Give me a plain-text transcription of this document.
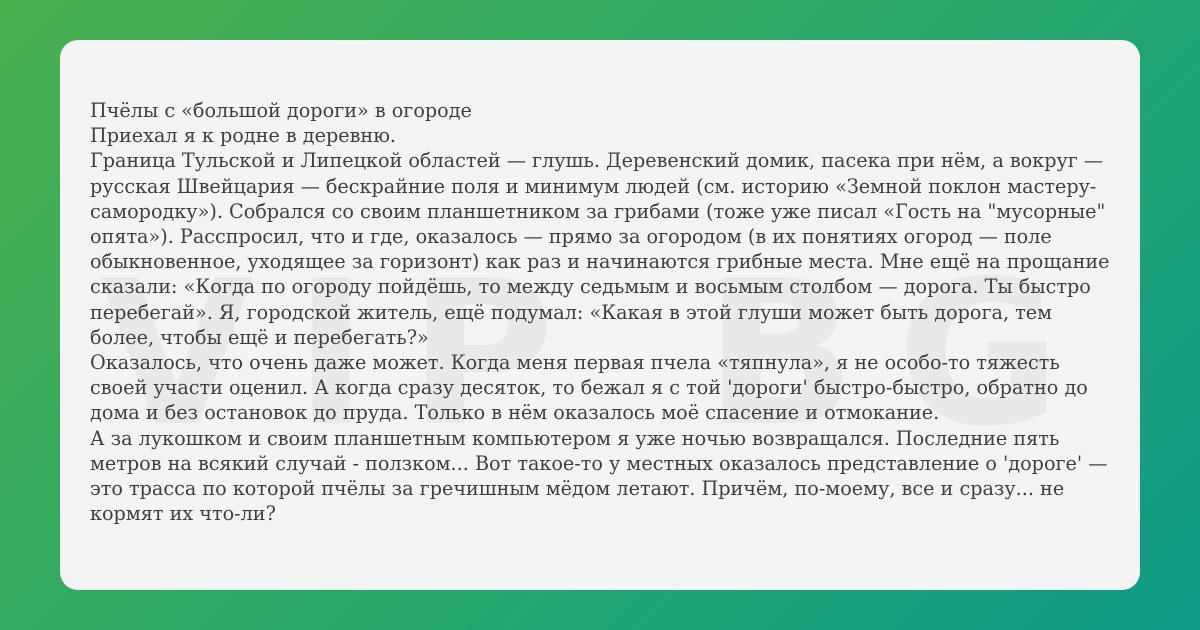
Пчёлы с «большой дороги» в огороде

Приехал я к родне в деревню.

Граница Тульской и Липецкой областей — глушь. Деревенский домик, пасека при нём, а вокруг — русская Швейцария — бескрайние поля и минимум людей (см. историю «Земной поклон мастеру-самородку»). Собрался со своим планшетником за грибами (тоже уже писал «Гость на "мусорные" опята»). Расспросил, что и где, оказалось — прямо за огородом (в их понятиях огород — поле обыкновенное, уходящее за горизонт) как раз и начинаются грибные места. Мне ещё на прощание сказали: «Когда по огороду пойдёшь, то между седьмым и восьмым столбом — дорога. Ты быстро перебегай». Я, городской житель, ещё подумал: «Какая в этой глуши может быть дорога, тем более, чтобы ещё и перебегать?»

Оказалось, что очень даже может. Когда меня первая пчела «тяпнула», я не особо-то тяжесть своей участи оценил. А когда сразу десяток, то бежал я с той 'дороги' быстро-быстро, обратно до дома и без остановок до пруда. Только в нём оказалось моё спасение и отмокание.

А за лукошком и своим планшетным компьютером я уже ночью возвращался. Последние пять метров на всякий случай - ползком... Вот такое-то у местных оказалось представление о 'дороге' — это трасса по которой пчёлы за гречишным мёдом летают. Причём, по-моему, все и сразу... не кормят их что-ли?
